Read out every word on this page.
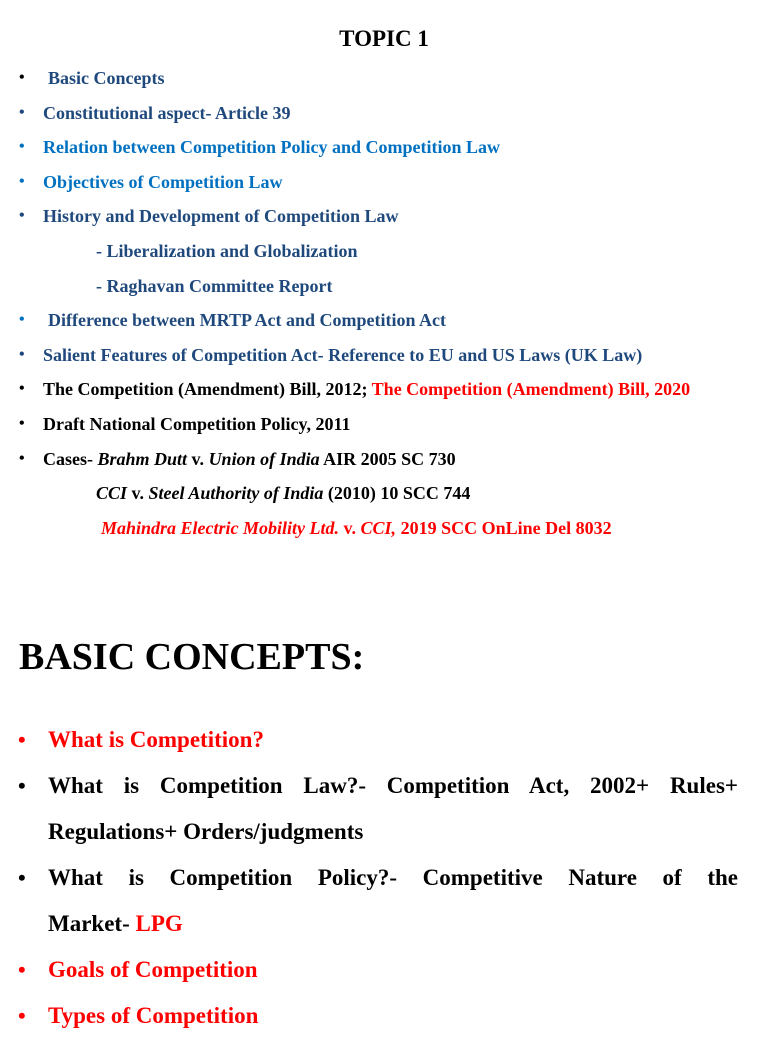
TOPIC 1
• Basic Concepts
• Constitutional aspect- Article 39
• Relation between Competition Policy and Competition Law
• Objectives of Competition Law
• History and Development of Competition Law
- Liberalization and Globalization
- Raghavan Committee Report
• Difference between MRTP Act and Competition Act
• Salient Features of Competition Act- Reference to EU and US Laws (UK Law)
• The Competition (Amendment) Bill, 2012; The Competition (Amendment) Bill, 2020
• Draft National Competition Policy, 2011
• Cases- Brahm Dutt v. Union of India AIR 2005 SC 730
CCI v. Steel Authority of India (2010) 10 SCC 744
Mahindra Electric Mobility Ltd. v. CCI, 2019 SCC OnLine Del 8032
BASIC CONCEPTS:
• What is Competition?
• What is Competition Law?- Competition Act, 2002+ Rules+
Regulations+ Orders/judgments
• What is Competition Policy?- Competitive Nature of the
Market- LPG
• Goals of Competition
• Types of Competition
